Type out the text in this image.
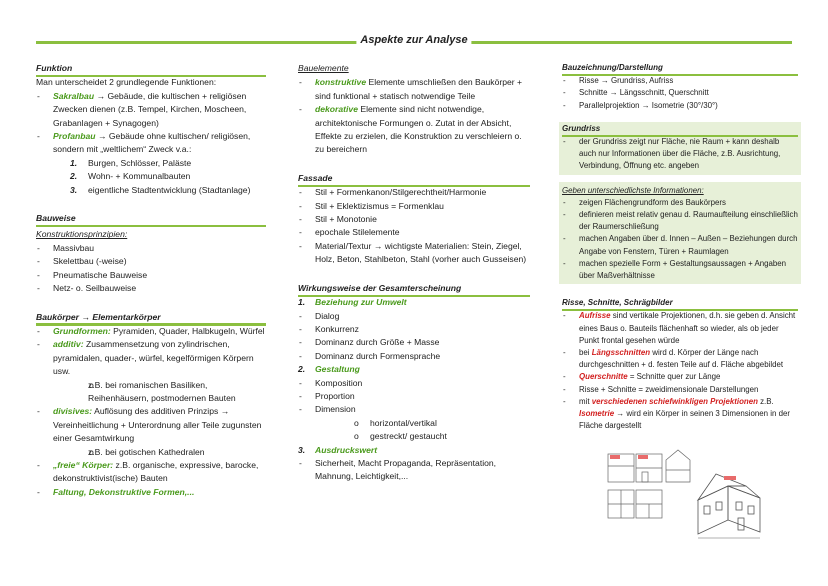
Aspekte zur Analyse
Funktion
Man unterscheidet 2 grundlegende Funktionen:
- Sakralbau → Gebäude, die kultischen + religiösen Zwecken dienen (z.B. Tempel, Kirchen, Moscheen, Grabanlagen + Synagogen)
- Profanbau → Gebäude ohne kultischen/ religiösen, sondern mit „weltlichem“ Zweck v.a.:
1. Burgen, Schlösser, Paläste
2. Wohn- + Kommunalbauten
3. eigentliche Stadtentwicklung (Stadtanlage)
Bauweise
Konstruktionsprinzipien:
- Massivbau
- Skelettbau (-weise)
- Pneumatische Bauweise
- Netz- o. Seilbauweise
Baukörper → Elementarkörper
- Grundformen: Pyramiden, Quader, Halbkugeln, Würfel
- additiv: Zusammensetzung von zylindrischen, pyramidalen, quader-, würfel, kegelförmigen Körpern usw.
o z.B. bei romanischen Basiliken, Reihenhäusern, postmodernen Bauten
- divisives: Auflösung des additiven Prinzips → Vereinheitlichung + Unterordnung aller Teile zugunsten einer Gesamtwirkung
o z.B. bei gotischen Kathedralen
- „freie“ Körper: z.B. organische, expressive, barocke, dekonstruktivist(ische) Bauten
- Faltung, Dekonstruktive Formen,...
Bauelemente
- konstruktive Elemente umschließen den Baukörper + sind funktional + statisch notwendige Teile
- dekorative Elemente sind nicht notwendige, architektonische Formungen o. Zutat in der Absicht, Effekte zu erzielen, die Konstruktion zu verschleiern o. zu bereichern
Fassade
- Stil + Formenkanon/Stilgerechtheit/Harmonie
- Stil + Eklektizismus = Formenklau
- Stil + Monotonie
- epochale Stilelemente
- Material/Textur → wichtigste Materialien: Stein, Ziegel, Holz, Beton, Stahlbeton, Stahl (vorher auch Gusseisen)
Wirkungsweise der Gesamterscheinung
1. Beziehung zur Umwelt
- Dialog
- Konkurrenz
- Dominanz durch Größe + Masse
- Dominanz durch Formensprache
2. Gestaltung
- Komposition
- Proportion
- Dimension
o horizontal/vertikal
o gestreckt/ gestaucht
3. Ausdruckswert
- Sicherheit, Macht Propaganda, Repräsentation, Mahnung, Leichtigkeit,...
Bauzeichnung/Darstellung
- Risse → Grundriss, Aufriss
- Schnitte → Längsschnitt, Querschnitt
- Parallelprojektion → Isometrie (30°/30°)
Grundriss
- der Grundriss zeigt nur Fläche, nie Raum + kann deshalb auch nur Informationen über die Fläche, z.B. Ausrichtung, Verbindung, Öffnung etc. angeben
Geben unterschiedlichste Informationen:
- zeigen Flächengrundform des Baukörpers
- definieren meist relativ genau d. Raumaufteilung einschließlich der Raumerschließung
- machen Angaben über d. Innen – Außen – Beziehungen durch Angabe von Fenstern, Türen + Raumlagen
- machen spezielle Form + Gestaltungsaussagen + Angaben über Maßverhältnisse
Risse, Schnitte, Schrägbilder
- Aufrisse sind vertikale Projektionen, d.h. sie geben d. Ansicht eines Baus o. Bauteils flächenhaft so wieder, als ob jeder Punkt frontal gesehen würde
- bei Längsschnitten wird d. Körper der Länge nach durchgeschnitten + d. festen Teile auf d. Fläche abgebildet
- Querschnitte = Schnitte quer zur Länge
- Risse + Schnitte = zweidimensionale Darstellungen
- mit verschiedenen schiefwinkligen Projektionen z.B.
Isometrie → wird ein Körper in seinen 3 Dimensionen in der Fläche dargestellt
